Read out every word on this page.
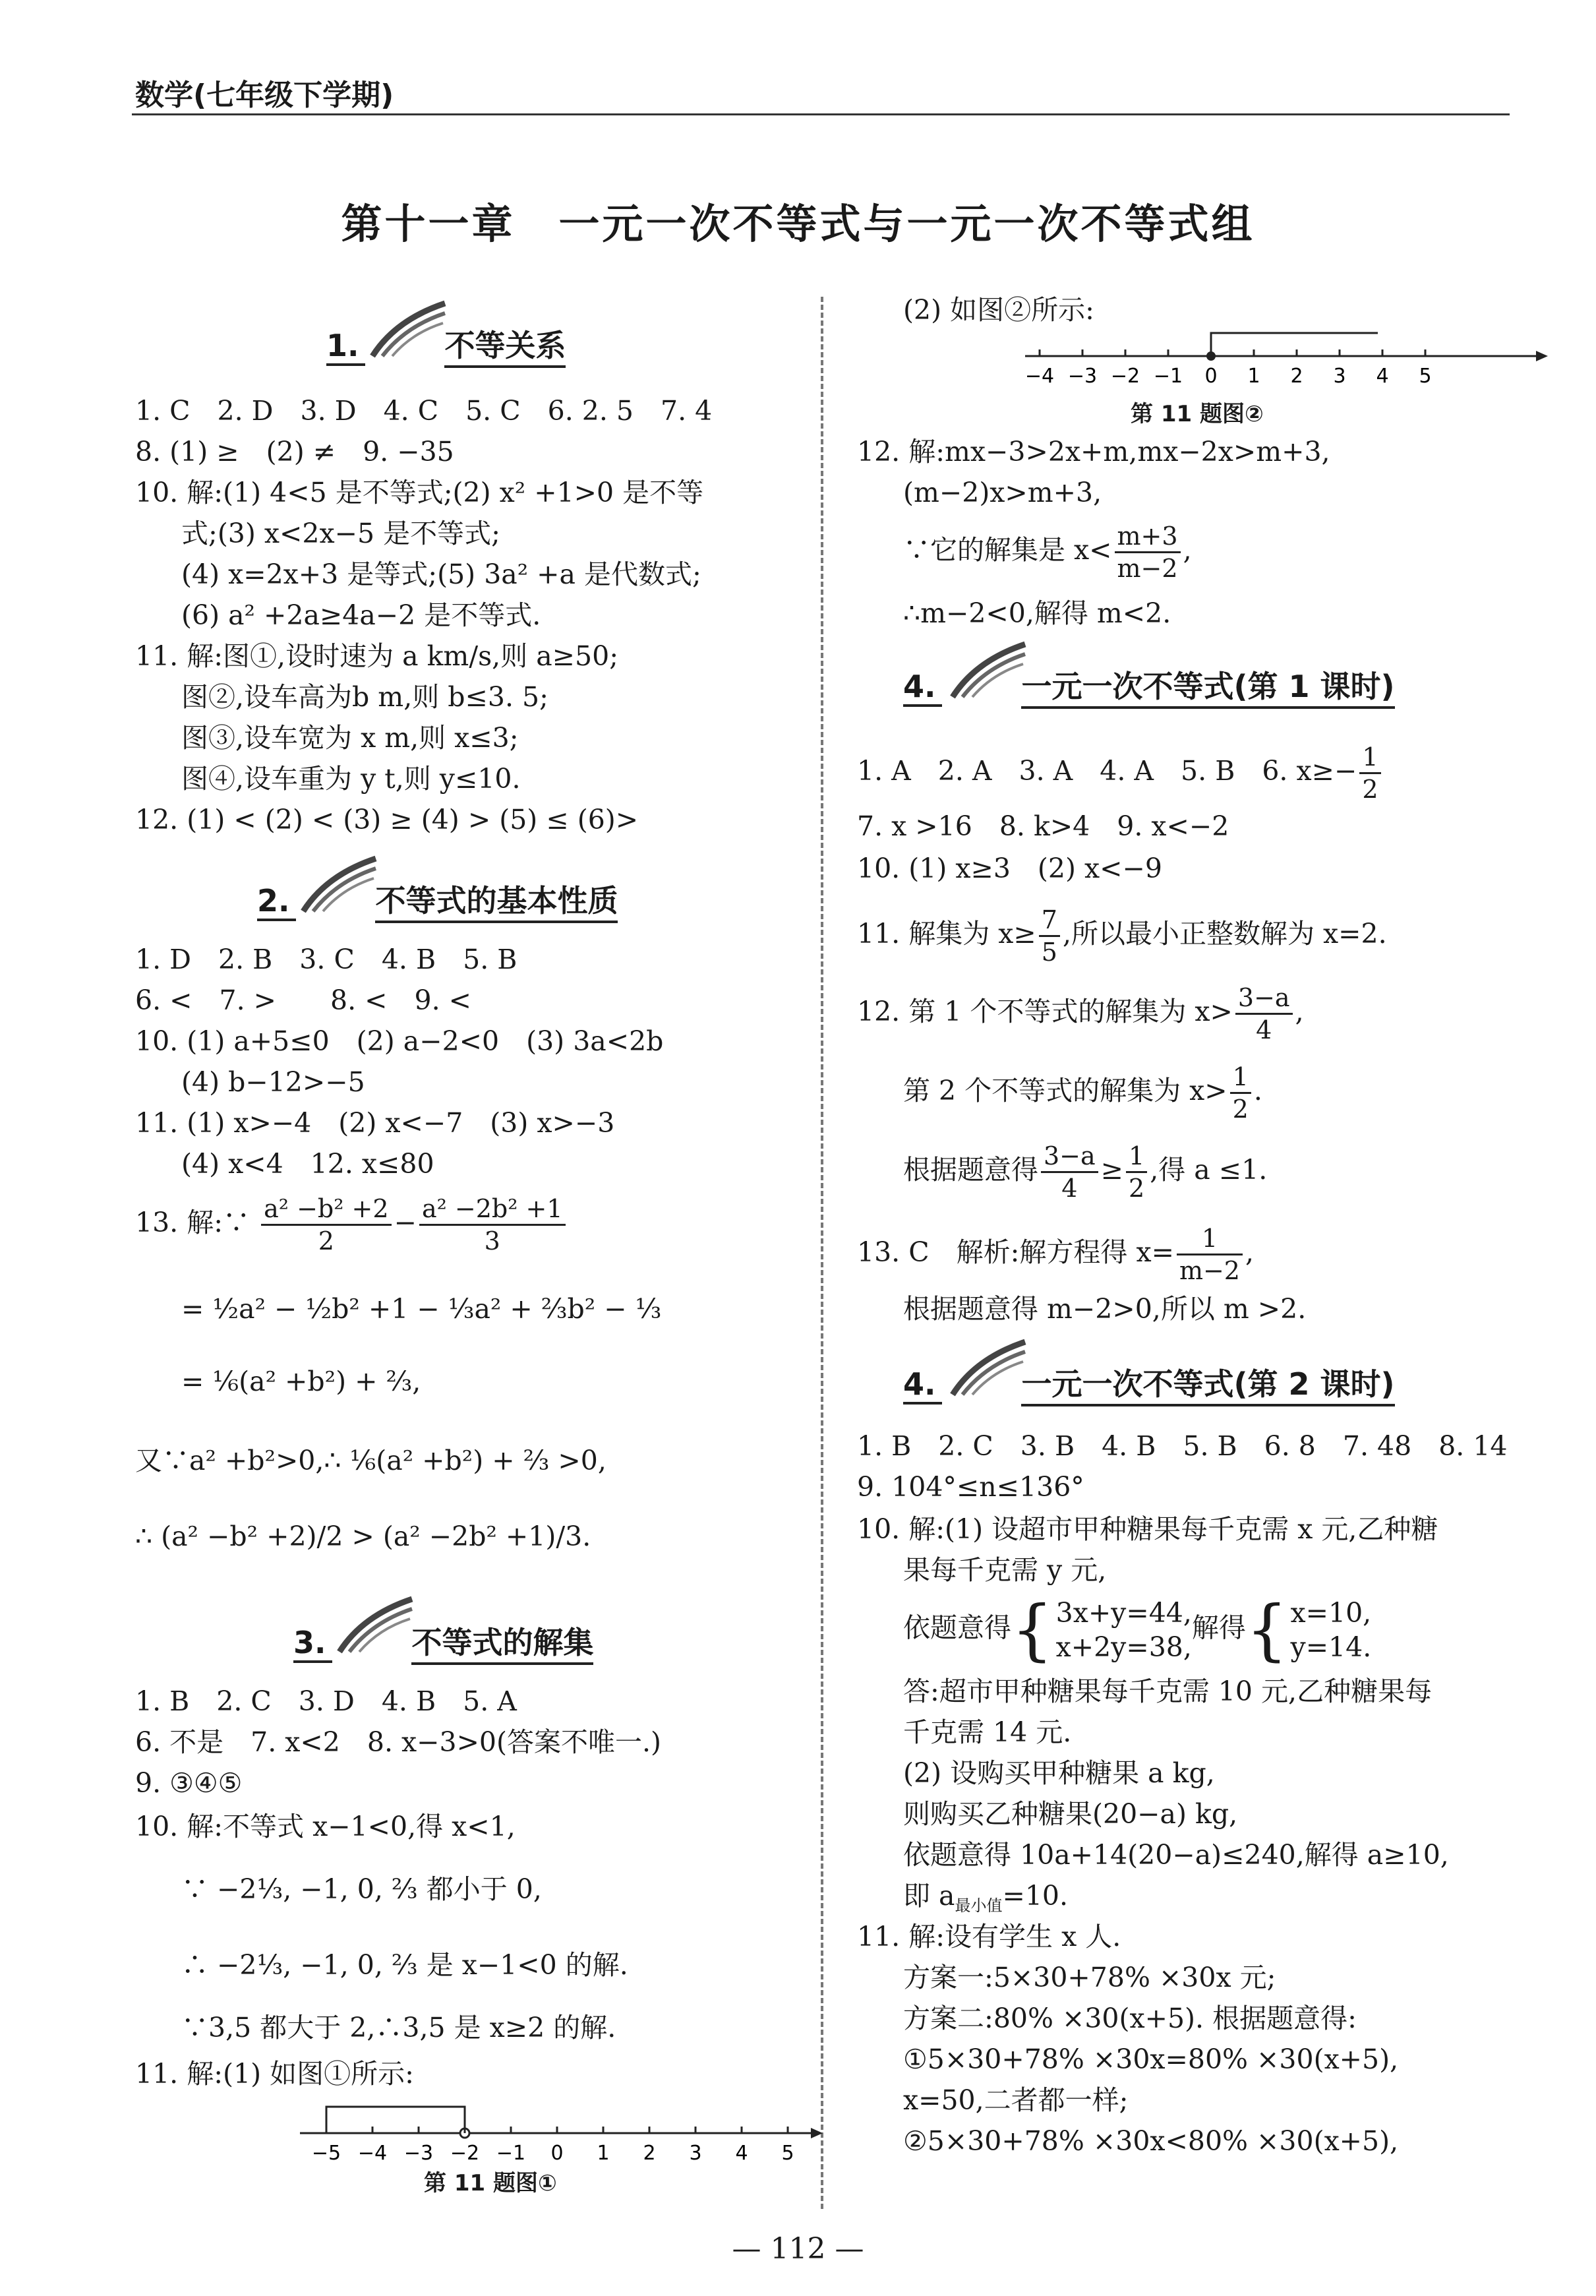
数学(七年级下学期)
第十一章　一元一次不等式与一元一次不等式组
1.	不等关系
1. C　2. D　3. D　4. C　5. C　6. 2. 5　7. 4
8. (1) ≥　(2) ≠　9. −35
10. 解:(1) 4<5 是不等式;(2) x² +1>0 是不等
式;(3) x<2x−5 是不等式;
(4) x=2x+3 是等式;(5) 3a² +a 是代数式;
(6) a² +2a≥4a−2 是不等式.
11. 解:图①,设时速为 a km/s,则 a≥50;
图②,设车高为b m,则 b≤3. 5;
图③,设车宽为 x m,则 x≤3;
图④,设车重为 y t,则 y≤10.
12. (1) < (2) < (3) ≥ (4) > (5) ≤ (6)>
2.	不等式的基本性质
1. D　2. B　3. C　4. B　5. B
6. <　7. >　　8. <　9. <
10. (1) a+5≤0　(2) a−2<0　(3) 3a<2b
(4) b−12>−5
11. (1) x>−4　(2) x<−7　(3) x>−3
(4) x<4　12. x≤80
13. 解:∵ $\frac{\text{a² −b² +2}}{2} - \frac{\text{a² −2b² +1}}{3}$
= ½a² − ½b² +1 − ⅓a² + ⅔b² − ⅓
= ⅙(a² +b²) + ⅔,
又∵a² +b²>0,∴ ⅙(a² +b²) + ⅔ >0,
∴ (a² −b² +2)/2 > (a² −2b² +1)/3.
3.	不等式的解集
1. B　2. C　3. D　4. B　5. A
6. 不是　7. x<2　8. x−3>0(答案不唯一.)
9. ③④⑤
10. 解:不等式 x−1<0,得 x<1,
∵ −2⅓, −1, 0, ⅔ 都小于 0,
∴ −2⅓, −1, 0, ⅔ 是 x−1<0 的解.
∵3,5 都大于 2,∴3,5 是 x≥2 的解.
11. 解:(1) 如图①所示:
−5 −4 −3 −2 −1 0 1 2 3 4 5
第 11 题图①
(2) 如图②所示:
−4 −3 −2 −1 0 1 2 3 4 5
第 11 题图②
12. 解:mx−3>2x+m,mx−2x>m+3,
(m−2)x>m+3,
∵它的解集是 $x< \frac{m+3}{m-2}$ ,
∴m−2<0,解得 m<2.
4.	一元一次不等式(第 1 课时)
1. A　2. A　3. A　4. A　5. B　6. $x\ge- \frac{1}{2}$
7. x >16　8. k>4　9. x<−2
10. (1) x≥3　(2) x<−9
11. 解集为 $x\ge \frac{7}{5}$ ,所以最小正整数解为 x=2.
12. 第 1 个不等式的解集为 $x> \frac{3-a}{4}$ ,
第 2 个不等式的解集为 $x> \frac{1}{2}$ .
根据题意得 $\frac{3-a}{4} \ge \frac{1}{2}$ ,得 a ≤1.
13. C　解析:解方程得 $x= \frac{1}{m-2}$ ,
根据题意得 m−2>0,所以 m >2.
4.	一元一次不等式(第 2 课时)
1. B　2. C　3. B　4. B　5. B　6. 8　7. 48　8. 14
9. 104°≤n≤136°
10. 解:(1) 设超市甲种糖果每千克需 x 元,乙种糖
果每千克需 y 元,
依题意得{ 3x+y=44,
x+2y=38,
解得{ x=10,
y=14.
答:超市甲种糖果每千克需 10 元,乙种糖果每
千克需 14 元.
(2) 设购买甲种糖果 a kg,
则购买乙种糖果(20−a) kg,
依题意得 10a+14(20−a)≤240,解得 a≥10,
即 $a_{最小值}=10$.
11. 解:设有学生 x 人.
方案一:5×30+78% ×30x 元;
方案二:80% ×30(x+5). 根据题意得:
①5×30+78% ×30x=80% ×30(x+5),
x=50,二者都一样;
②5×30+78% ×30x<80% ×30(x+5),
— 112 —
